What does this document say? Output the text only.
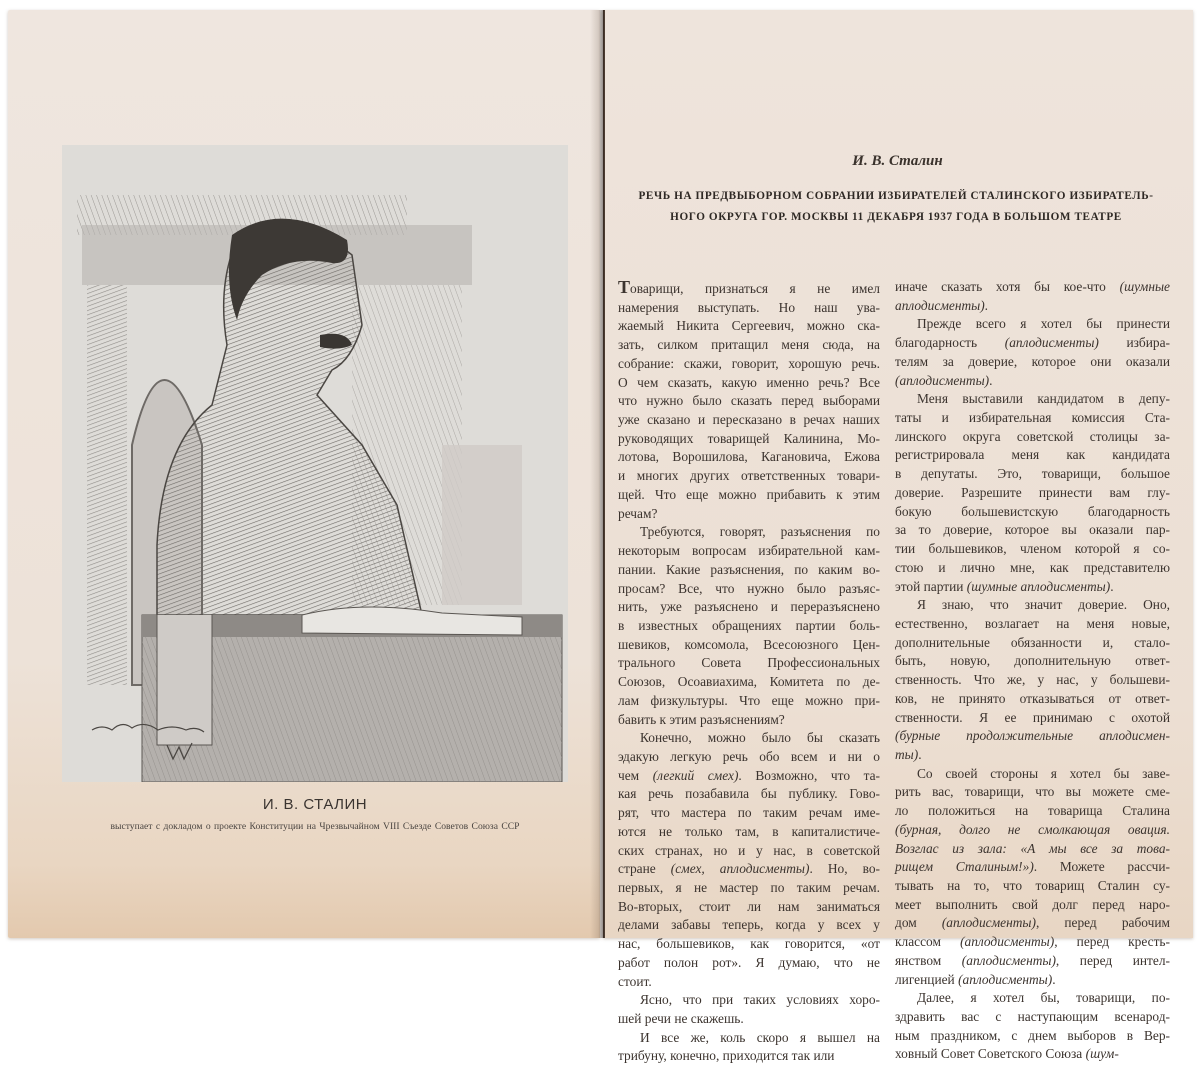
И. В. СТАЛИН
выступает с докладом о проекте Конституции на Чрезвычайном VIII Съезде Советов Союза ССР
И. В. Сталин
РЕЧЬ НА ПРЕДВЫБОРНОМ СОБРАНИИ ИЗБИРАТЕЛЕЙ СТАЛИНСКОГО ИЗБИРАТЕЛЬ-
НОГО ОКРУГА ГОР. МОСКВЫ 11 ДЕКАБРЯ 1937 ГОДА В БОЛЬШОМ ТЕАТРЕ
Товарищи, признаться я не имел
намерения выступать. Но наш ува-
жаемый Никита Сергеевич, можно ска-
зать, силком притащил меня сюда, на
собрание: скажи, говорит, хорошую речь.
О чем сказать, какую именно речь? Все
что нужно было сказать перед выборами
уже сказано и пересказано в речах наших
руководящих товарищей Калинина, Мо-
лотова, Ворошилова, Кагановича, Ежова
и многих других ответственных товари-
щей. Что еще можно прибавить к этим
речам?
Требуются, говорят, разъяснения по
некоторым вопросам избирательной кам-
пании. Какие разъяснения, по каким во-
просам? Все, что нужно было разъяс-
нить, уже разъяснено и переразъяснено
в известных обращениях партии боль-
шевиков, комсомола, Всесоюзного Цен-
трального Совета Профессиональных
Союзов, Осоавиахима, Комитета по де-
лам физкультуры. Что еще можно при-
бавить к этим разъяснениям?
Конечно, можно было бы сказать
эдакую легкую речь обо всем и ни о
чем (легкий смех). Возможно, что та-
кая речь позабавила бы публику. Гово-
рят, что мастера по таким речам име-
ются не только там, в капиталистиче-
ских странах, но и у нас, в советской
стране (смех, аплодисменты). Но, во-
первых, я не мастер по таким речам.
Во-вторых, стоит ли нам заниматься
делами забавы теперь, когда у всех у
нас, большевиков, как говорится, «от
работ полон рот». Я думаю, что не
стоит.
Ясно, что при таких условиях хоро-
шей речи не скажешь.
И все же, коль скоро я вышел на
трибуну, конечно, приходится так или
иначе сказать хотя бы кое-что (шумные
аплодисменты).
Прежде всего я хотел бы принести
благодарность (аплодисменты) избира-
телям за доверие, которое они оказали
(аплодисменты).
Меня выставили кандидатом в депу-
таты и избирательная комиссия Ста-
линского округа советской столицы за-
регистрировала меня как кандидата
в депутаты. Это, товарищи, большое
доверие. Разрешите принести вам глу-
бокую большевистскую благодарность
за то доверие, которое вы оказали пар-
тии большевиков, членом которой я со-
стою и лично мне, как представителю
этой партии (шумные аплодисменты).
Я знаю, что значит доверие. Оно,
естественно, возлагает на меня новые,
дополнительные обязанности и, стало-
быть, новую, дополнительную ответ-
ственность. Что же, у нас, у большеви-
ков, не принято отказываться от ответ-
ственности. Я ее принимаю с охотой
(бурные продолжительные аплодисмен-
ты).
Со своей стороны я хотел бы заве-
рить вас, товарищи, что вы можете сме-
ло положиться на товарища Сталина
(бурная, долго не смолкающая овация.
Возглас из зала: «А мы все за това-
рищем Сталиным!»). Можете рассчи-
тывать на то, что товарищ Сталин су-
меет выполнить свой долг перед наро-
дом (аплодисменты), перед рабочим
классом (аплодисменты), перед кресть-
янством (аплодисменты), перед интел-
лигенцией (аплодисменты).
Далее, я хотел бы, товарищи, по-
здравить вас с наступающим всенарод-
ным праздником, с днем выборов в Вер-
ховный Совет Советского Союза (шум-
